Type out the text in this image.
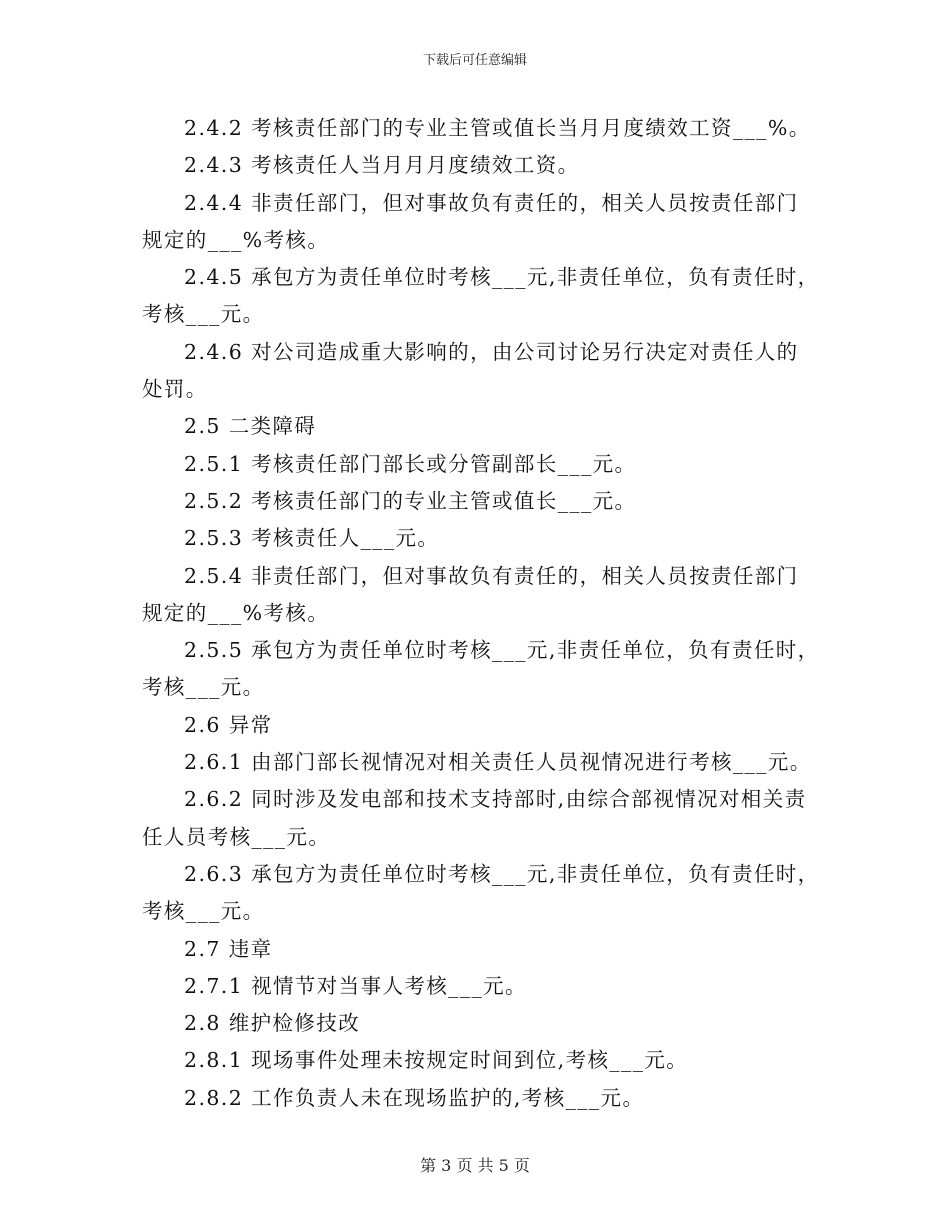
下载后可任意编辑

2.4.2 考核责任部门的专业主管或值长当月月度绩效工资___%。

2.4.3 考核责任人当月月月度绩效工资。

2.4.4 非责任部门，但对事故负有责任的，相关人员按责任部门

规定的___%考核。

2.4.5 承包方为责任单位时考核___元,非责任单位，负有责任时，

考核___元。

2.4.6 对公司造成重大影响的，由公司讨论另行决定对责任人的

处罚。

2.5 二类障碍

2.5.1 考核责任部门部长或分管副部长___元。

2.5.2 考核责任部门的专业主管或值长___元。

2.5.3 考核责任人___元。

2.5.4 非责任部门，但对事故负有责任的，相关人员按责任部门

规定的___%考核。

2.5.5 承包方为责任单位时考核___元,非责任单位，负有责任时，

考核___元。

2.6 异常

2.6.1 由部门部长视情况对相关责任人员视情况进行考核___元。

2.6.2 同时涉及发电部和技术支持部时,由综合部视情况对相关责

任人员考核___元。

2.6.3 承包方为责任单位时考核___元,非责任单位，负有责任时，

考核___元。

2.7 违章

2.7.1 视情节对当事人考核___元。

2.8 维护检修技改

2.8.1 现场事件处理未按规定时间到位,考核___元。

2.8.2 工作负责人未在现场监护的,考核___元。

第 3 页 共 5 页
